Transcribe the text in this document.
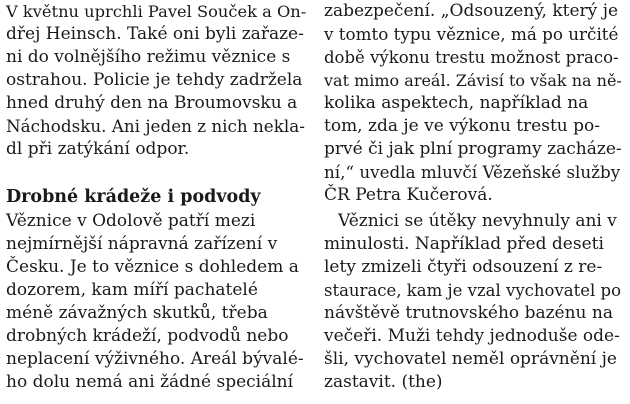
V květnu uprchli Pavel Souček a On-
dřej Heinsch. Také oni byli zařaze-
ni do volnějšího režimu věznice s
ostrahou. Policie je tehdy zadržela
hned druhý den na Broumovsku a
Náchodsku. Ani jeden z nich nekla-
dl při zatýkání odpor.
Drobné krádeže i podvody
Věznice v Odolově patří mezi
nejmírnější nápravná zařízení v
Česku. Je to věznice s dohledem a
dozorem, kam míří pachatelé
méně závažných skutků, třeba
drobných krádeží, podvodů nebo
neplacení výživného. Areál bývalé-
ho dolu nemá ani žádné speciální
zabezpečení. „Odsouzený, který je
v tomto typu věznice, má po určité
době výkonu trestu možnost praco-
vat mimo areál. Závisí to však na ně-
kolika aspektech, například na
tom, zda je ve výkonu trestu po-
prvé či jak plní programy zacháze-
ní,“ uvedla mluvčí Vězeňské služby
ČR Petra Kučerová.
Věznici se útěky nevyhnuly ani v
minulosti. Například před deseti
lety zmizeli čtyři odsouzení z re-
staurace, kam je vzal vychovatel po
návštěvě trutnovského bazénu na
večeři. Muži tehdy jednoduše ode-
šli, vychovatel neměl oprávnění je
zastavit. (the)
